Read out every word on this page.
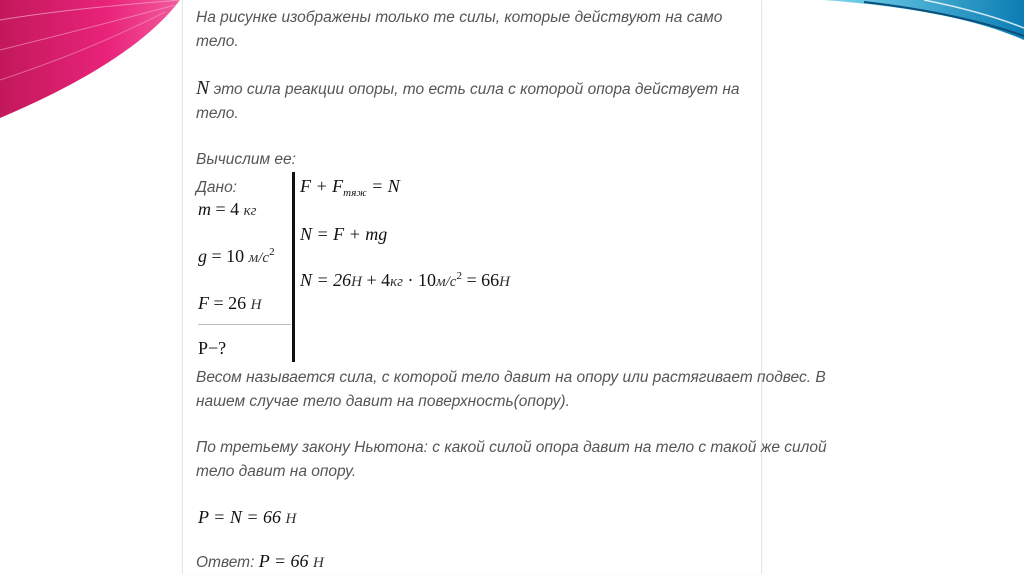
На рисунке изображены только те силы, которые действуют на само
тело.
N это сила реакции опоры, то есть сила с которой опора действует на
тело.
Вычислим ее:
Дано:
m = 4 кг
g = 10 $м/с^2$
F = 26 Н
P−?
$F + F_{тяж} = N$
N = F + mg
$N = 26Н + 4кг \cdot 10м/с^2 = 66Н$
Весом называется сила, с которой тело давит на опору или растягивает подвес. В
нашем случае тело давит на поверхность(опору).
По третьему закону Ньютона: с какой силой опора давит на тело с такой же силой
тело давит на опору.
P = N = 66 Н
Ответ: P = 66 Н
